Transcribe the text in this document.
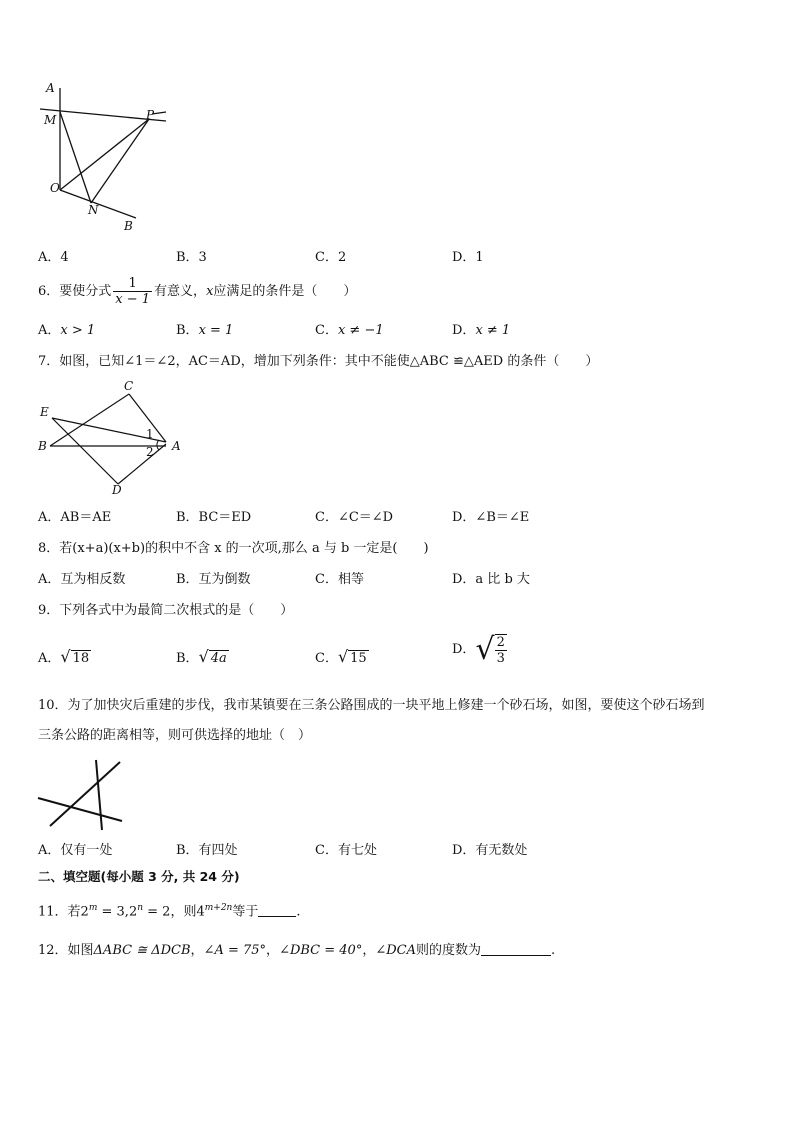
A
M	P
O
N
B
A．4	B．3	C．2	D．1
6．要使分式 $\frac{1}{x - 1}$ 有意义，x应满足的条件是（　　）
A．x > 1	B．x = 1	C．x ≠ −1	D．x ≠ 1
7．如图，已知∠1＝∠2，AC＝AD，增加下列条件：其中不能使△ABC ≌△AED 的条件（　　）
C
E
B	A
D
1
2
A．AB＝AE	B．BC＝ED	C．∠C＝∠D	D．∠B＝∠E
8．若(x+a)(x+b)的积中不含 x 的一次项,那么 a 与 b 一定是(　　)
A．互为相反数	B．互为倒数	C．相等	D．a 比 b 大
9．下列各式中为最简二次根式的是（　　）
A．√ 18	B．√ 4a	C．√ 15
D．√ $\frac{2}{3}$
10．为了加快灾后重建的步伐，我市某镇要在三条公路围成的一块平地上修建一个砂石场，如图，要使这个砂石场到
三条公路的距离相等，则可供选择的地址（　）
A．仅有一处	B．有四处	C．有七处	D．有无数处
二、填空题(每小题 3 分, 共 24 分)
11．若$2^m = 3,2^n = 2$，则$4^{m+2n}$等于	.
12．如图ΔABC ≅ ΔDCB，∠A = 75°，∠DBC = 40°，∠DCA则的度数为	.
